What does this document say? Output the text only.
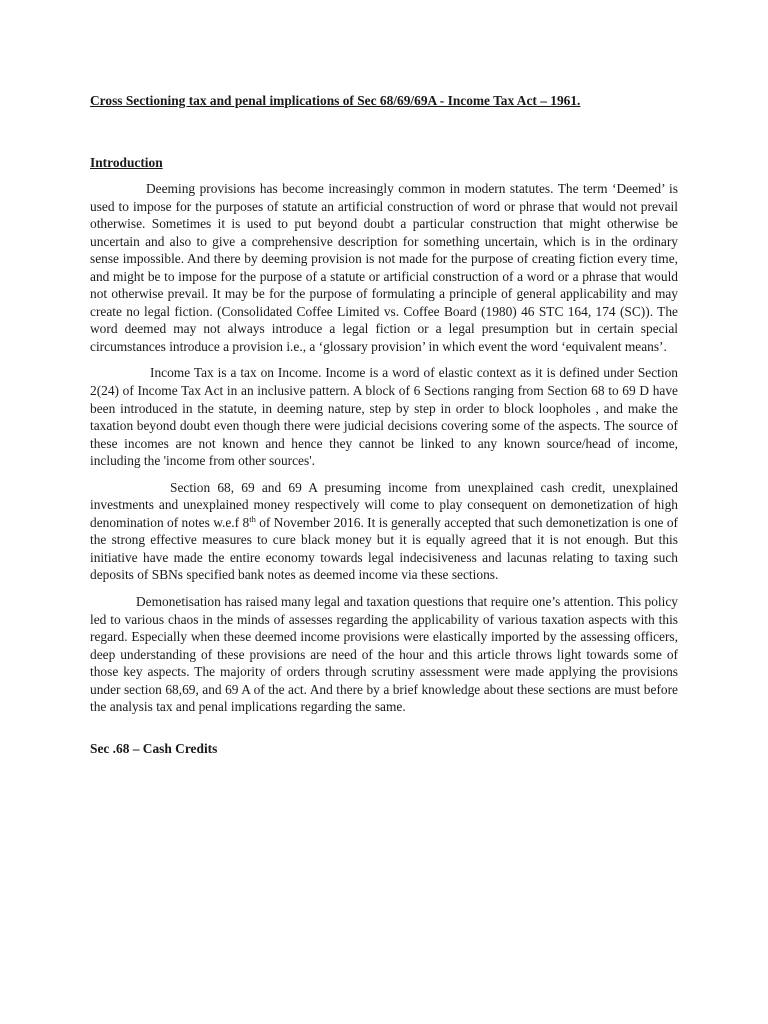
Cross Sectioning tax and penal implications of Sec 68/69/69A - Income Tax Act – 1961.

Introduction

Deeming provisions has become increasingly common in modern statutes. The term ‘Deemed’ is used to impose for the purposes of statute an artificial construction of word or phrase that would not prevail otherwise. Sometimes it is used to put beyond doubt a particular construction that might otherwise be uncertain and also to give a comprehensive description for something uncertain, which is in the ordinary sense impossible. And there by deeming provision is not made for the purpose of creating fiction every time, and might be to impose for the purpose of a statute or artificial construction of a word or a phrase that would not otherwise prevail. It may be for the purpose of formulating a principle of general applicability and may create no legal fiction. (Consolidated Coffee Limited vs. Coffee Board (1980) 46 STC 164, 174 (SC)). The word deemed may not always introduce a legal fiction or a legal presumption but in certain special circumstances introduce a provision i.e., a ‘glossary provision’ in which event the word ‘equivalent means’.

Income Tax is a tax on Income. Income is a word of elastic context as it is defined under Section 2(24) of Income Tax Act in an inclusive pattern. A block of 6 Sections ranging from Section 68 to 69 D have been introduced in the statute, in deeming nature, step by step in order to block loopholes , and make the taxation beyond doubt even though there were judicial decisions covering some of the aspects. The source of these incomes are not known and hence they cannot be linked to any known source/head of income, including the 'income from other sources'.

Section 68, 69 and 69 A presuming income from unexplained cash credit, unexplained investments and unexplained money respectively will come to play consequent on demonetization of high denomination of notes w.e.f 8th of November 2016. It is generally accepted that such demonetization is one of the strong effective measures to cure black money but it is equally agreed that it is not enough. But this initiative have made the entire economy towards legal indecisiveness and lacunas relating to taxing such deposits of SBNs specified bank notes as deemed income via these sections.

Demonetisation has raised many legal and taxation questions that require one’s attention. This policy led to various chaos in the minds of assesses regarding the applicability of various taxation aspects with this regard. Especially when these deemed income provisions were elastically imported by the assessing officers, deep understanding of these provisions are need of the hour and this article throws light towards some of those key aspects. The majority of orders through scrutiny assessment were made applying the provisions under section 68,69, and 69 A of the act. And there by a brief knowledge about these sections are must before the analysis tax and penal implications regarding the same.

Sec .68 – Cash Credits
